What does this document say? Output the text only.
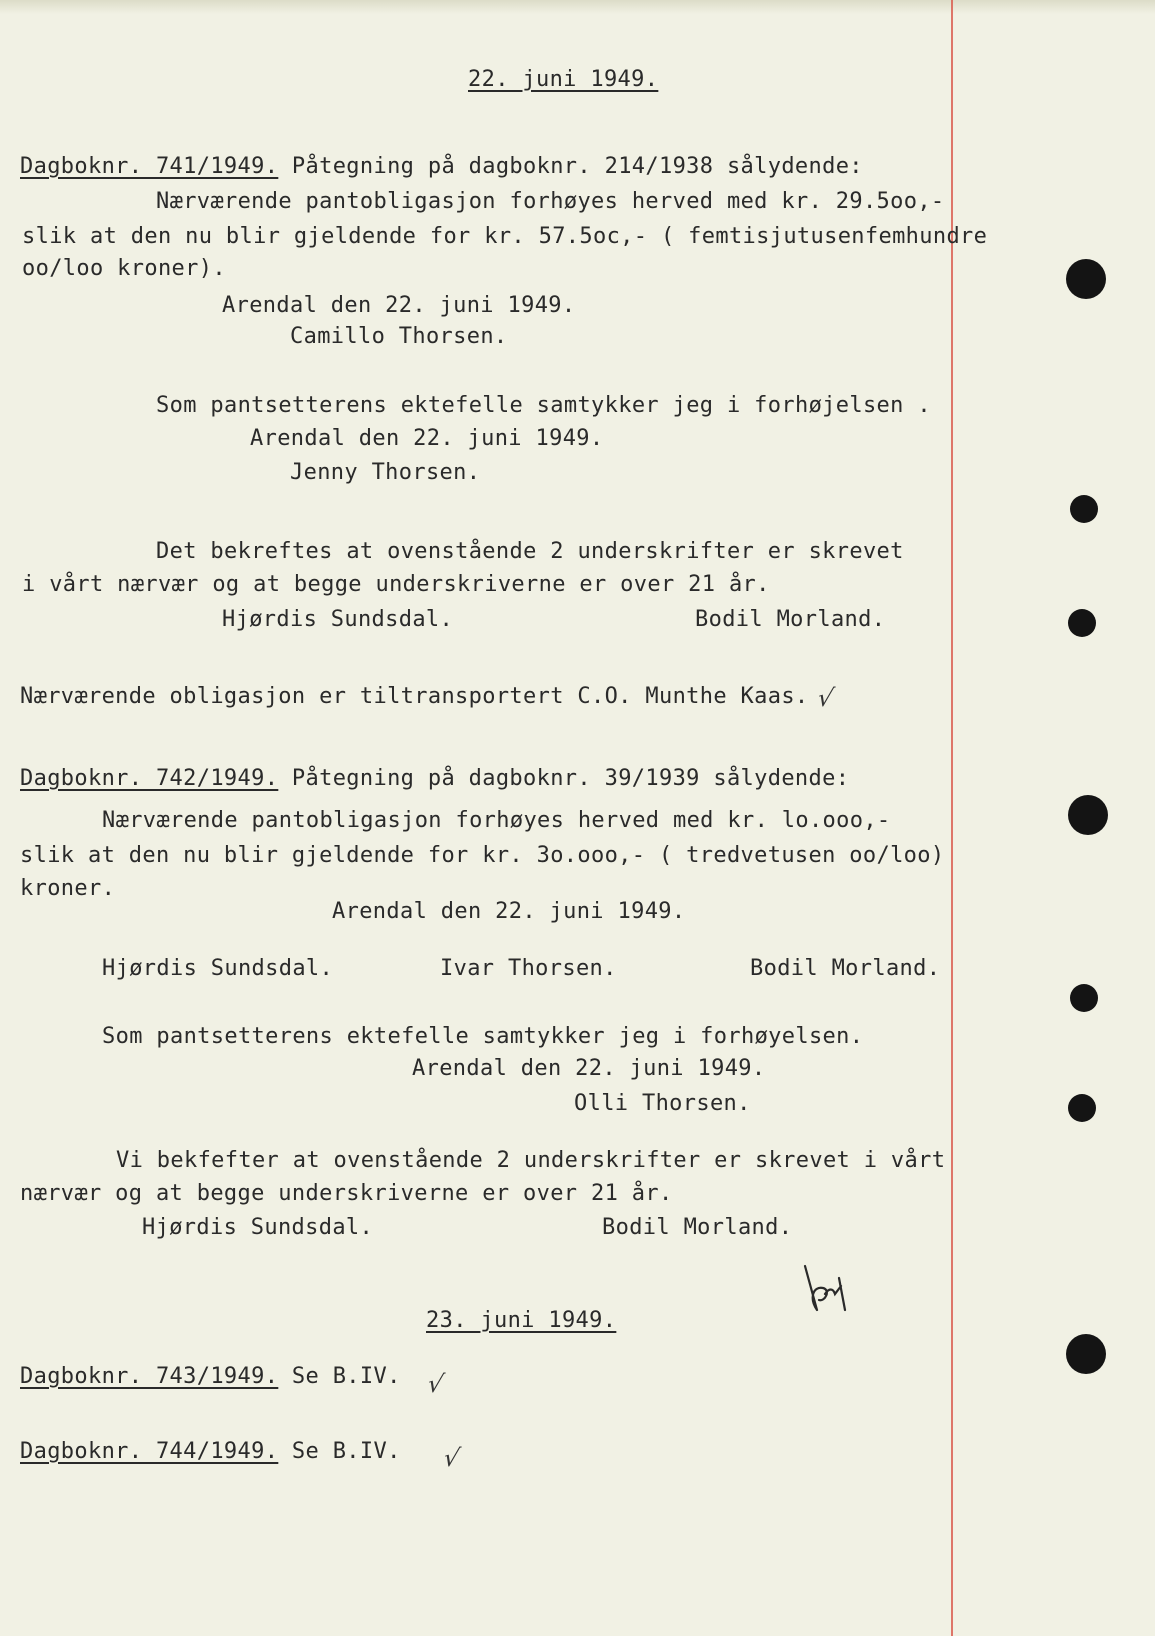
22. juni 1949.
Dagboknr. 741/1949. Påtegning på dagboknr. 214/1938 sålydende:
Nærværende pantobligasjon forhøyes herved med kr. 29.5oo,-
slik at den nu blir gjeldende for kr. 57.5oc,- ( femtisjutusenfemhundre
oo/loo kroner).
Arendal den 22. juni 1949.
Camillo Thorsen.
Som pantsetterens ektefelle samtykker jeg i forhøjelsen .
Arendal den 22. juni 1949.
Jenny Thorsen.
Det bekreftes at ovenstående 2 underskrifter er skrevet
i vårt nærvær og at begge underskriverne er over 21 år.
Hjørdis Sundsdal.	Bodil Morland.
Nærværende obligasjon er tiltransportert C.O. Munthe Kaas. √
Dagboknr. 742/1949. Påtegning på dagboknr. 39/1939 sålydende:
Nærværende pantobligasjon forhøyes herved med kr. lo.ooo,-
slik at den nu blir gjeldende for kr. 3o.ooo,- ( tredvetusen oo/loo)
kroner.
Arendal den 22. juni 1949.
Hjørdis Sundsdal.	Ivar Thorsen.	Bodil Morland.
Som pantsetterens ektefelle samtykker jeg i forhøyelsen.
Arendal den 22. juni 1949.
Olli Thorsen.
Vi bekfefter at ovenstående 2 underskrifter er skrevet i vårt
nærvær og at begge underskriverne er over 21 år.
Hjørdis Sundsdal.	Bodil Morland.
23. juni 1949.
Dagboknr. 743/1949. Se B.IV. √
Dagboknr. 744/1949. Se B.IV. √
